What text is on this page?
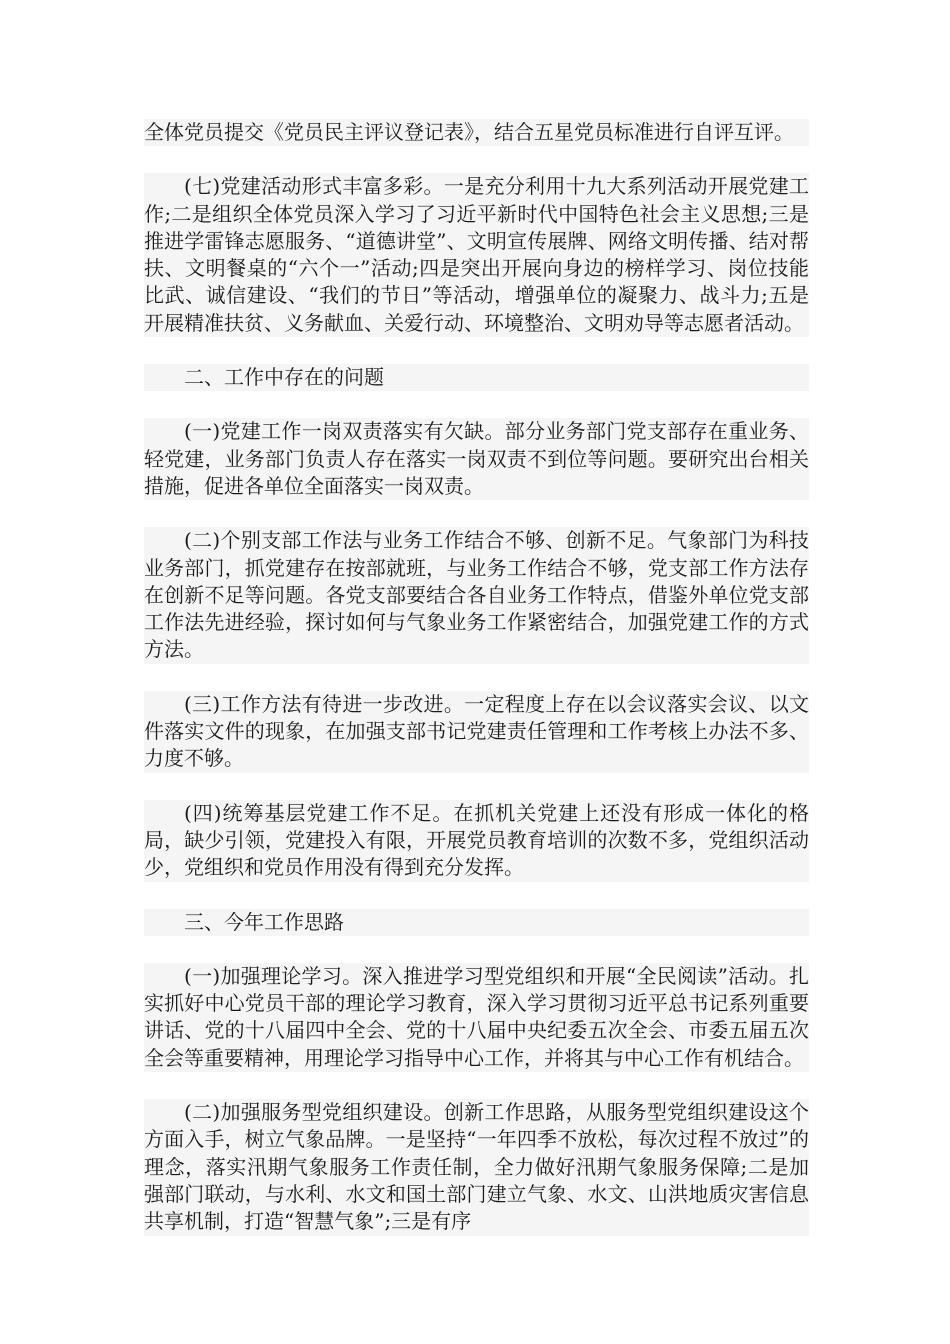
全体党员提交《党员民主评议登记表》，结合五星党员标准进行自评互评。

(七)党建活动形式丰富多彩。一是充分利用十九大系列活动开展党建工作;二是组织全体党员深入学习了习近平新时代中国特色社会主义思想;三是推进学雷锋志愿服务、“道德讲堂”、文明宣传展牌、网络文明传播、结对帮扶、文明餐桌的“六个一”活动;四是突出开展向身边的榜样学习、岗位技能比武、诚信建设、“我们的节日”等活动，增强单位的凝聚力、战斗力;五是开展精准扶贫、义务献血、关爱行动、环境整治、文明劝导等志愿者活动。

二、工作中存在的问题

(一)党建工作一岗双责落实有欠缺。部分业务部门党支部存在重业务、轻党建，业务部门负责人存在落实一岗双责不到位等问题。要研究出台相关措施，促进各单位全面落实一岗双责。

(二)个别支部工作法与业务工作结合不够、创新不足。气象部门为科技业务部门，抓党建存在按部就班，与业务工作结合不够，党支部工作方法存在创新不足等问题。各党支部要结合各自业务工作特点，借鉴外单位党支部工作法先进经验，探讨如何与气象业务工作紧密结合，加强党建工作的方式方法。

(三)工作方法有待进一步改进。一定程度上存在以会议落实会议、以文件落实文件的现象，在加强支部书记党建责任管理和工作考核上办法不多、力度不够。

(四)统筹基层党建工作不足。在抓机关党建上还没有形成一体化的格局，缺少引领，党建投入有限，开展党员教育培训的次数不多，党组织活动少，党组织和党员作用没有得到充分发挥。

三、今年工作思路

(一)加强理论学习。深入推进学习型党组织和开展“全民阅读”活动。扎实抓好中心党员干部的理论学习教育，深入学习贯彻习近平总书记系列重要讲话、党的十八届四中全会、党的十八届中央纪委五次全会、市委五届五次全会等重要精神，用理论学习指导中心工作，并将其与中心工作有机结合。

(二)加强服务型党组织建设。创新工作思路，从服务型党组织建设这个方面入手，树立气象品牌。一是坚持“一年四季不放松，每次过程不放过”的理念，落实汛期气象服务工作责任制，全力做好汛期气象服务保障;二是加强部门联动，与水利、水文和国土部门建立气象、水文、山洪地质灾害信息共享机制，打造“智慧气象”;三是有序
